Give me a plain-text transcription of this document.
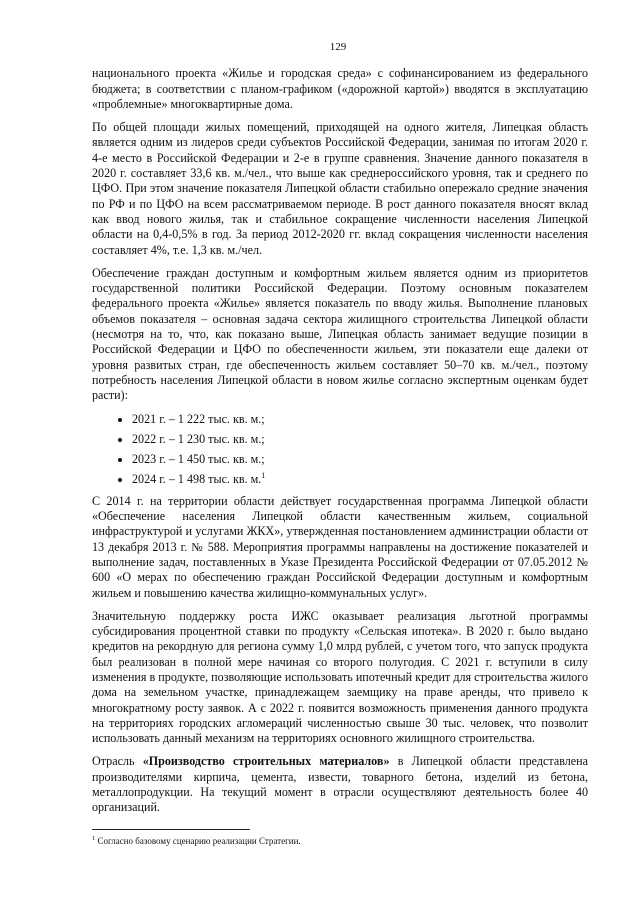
129

национального проекта «Жилье и городская среда» с софинансированием из федерального бюджета; в соответствии с планом-графиком («дорожной картой») вводятся в эксплуатацию «проблемные» многоквартирные дома.

По общей площади жилых помещений, приходящей на одного жителя, Липецкая область является одним из лидеров среди субъектов Российской Федерации, занимая по итогам 2020 г. 4-е место в Российской Федерации и 2-е в группе сравнения. Значение данного показателя в 2020 г. составляет 33,6 кв. м./чел., что выше как среднероссийского уровня, так и среднего по ЦФО. При этом значение показателя Липецкой области стабильно опережало средние значения по РФ и по ЦФО на всем рассматриваемом периоде. В рост данного показателя вносят вклад как ввод нового жилья, так и стабильное сокращение численности населения Липецкой области на 0,4-0,5% в год. За период 2012-2020 гг. вклад сокращения численности населения составляет 4%, т.е. 1,3 кв. м./чел.

Обеспечение граждан доступным и комфортным жильем является одним из приоритетов государственной политики Российской Федерации. Поэтому основным показателем федерального проекта «Жилье» является показатель по вводу жилья. Выполнение плановых объемов показателя – основная задача сектора жилищного строительства Липецкой области (несмотря на то, что, как показано выше, Липецкая область занимает ведущие позиции в Российской Федерации и ЦФО по обеспеченности жильем, эти показатели еще далеки от уровня развитых стран, где обеспеченность жильем составляет 50–70 кв. м./чел., поэтому потребность населения Липецкой области в новом жилье согласно экспертным оценкам будет расти):

2021 г. – 1 222 тыс. кв. м.;
2022 г. – 1 230 тыс. кв. м.;
2023 г. – 1 450 тыс. кв. м.;
2024 г. – 1 498 тыс. кв. м.$^1$

С 2014 г. на территории области действует государственная программа Липецкой области «Обеспечение населения Липецкой области качественным жильем, социальной инфраструктурой и услугами ЖКХ», утвержденная постановлением администрации области от 13 декабря 2013 г. № 588. Мероприятия программы направлены на достижение показателей и выполнение задач, поставленных в Указе Президента Российской Федерации от 07.05.2012 № 600 «О мерах по обеспечению граждан Российской Федерации доступным и комфортным жильем и повышению качества жилищно-коммунальных услуг».

Значительную поддержку роста ИЖС оказывает реализация льготной программы субсидирования процентной ставки по продукту «Сельская ипотека». В 2020 г. было выдано кредитов на рекордную для региона сумму 1,0 млрд рублей, с учетом того, что запуск продукта был реализован в полной мере начиная со второго полугодия. С 2021 г. вступили в силу изменения в продукте, позволяющие использовать ипотечный кредит для строительства жилого дома на земельном участке, принадлежащем заемщику на праве аренды, что привело к многократному росту заявок. А с 2022 г. появится возможность применения данного продукта на территориях городских агломераций численностью свыше 30 тыс. человек, что позволит использовать данный механизм на территориях основного жилищного строительства.

Отрасль «Производство строительных материалов» в Липецкой области представлена производителями кирпича, цемента, извести, товарного бетона, изделий из бетона, металлопродукции. На текущий момент в отрасли осуществляют деятельность более 40 организаций.

$^1$ Согласно базовому сценарию реализации Стратегии.
